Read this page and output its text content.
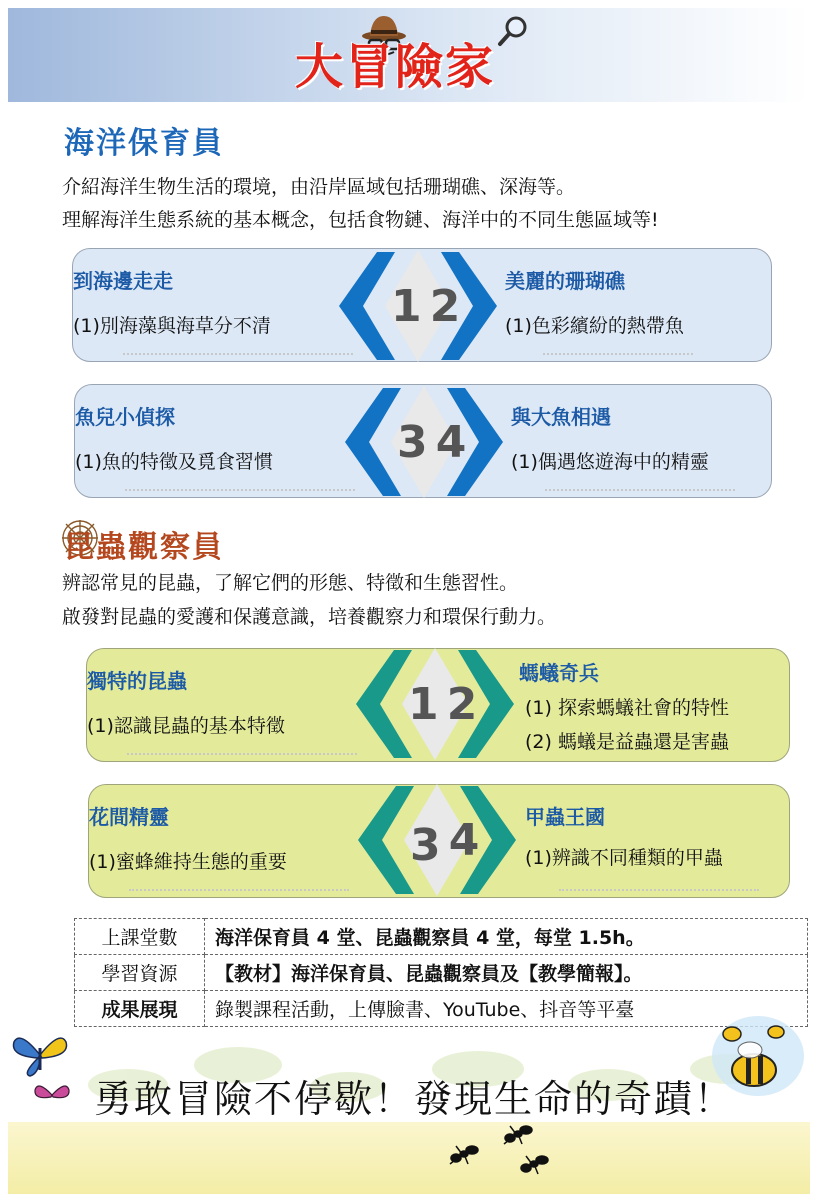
大冒險家
海洋保育員
介紹海洋生物生活的環境，由沿岸區域包括珊瑚礁、深海等。
理解海洋生態系統的基本概念，包括食物鏈、海洋中的不同生態區域等!
到海邊走走
(1)別海藻與海草分不清
美麗的珊瑚礁
(1)色彩繽紛的熱帶魚
1 2
魚兒小偵探
(1)魚的特徵及覓食習慣
與大魚相遇
(1)偶遇悠遊海中的精靈
3 4
昆蟲觀察員
辨認常見的昆蟲，了解它們的形態、特徵和生態習性。
啟發對昆蟲的愛護和保護意識，培養觀察力和環保行動力。
獨特的昆蟲
(1)認識昆蟲的基本特徵
螞蟻奇兵
(1) 探索螞蟻社會的特性
(2) 螞蟻是益蟲還是害蟲
1 2
花間精靈
(1)蜜蜂維持生態的重要
甲蟲王國
(1)辨識不同種類的甲蟲
3 4
上課堂數	海洋保育員 4 堂、昆蟲觀察員 4 堂，每堂 1.5h。
學習資源	【教材】海洋保育員、昆蟲觀察員及【教學簡報】。
成果展現	錄製課程活動，上傳臉書、YouTube、抖音等平臺
勇敢冒險不停歇！發現生命的奇蹟！
